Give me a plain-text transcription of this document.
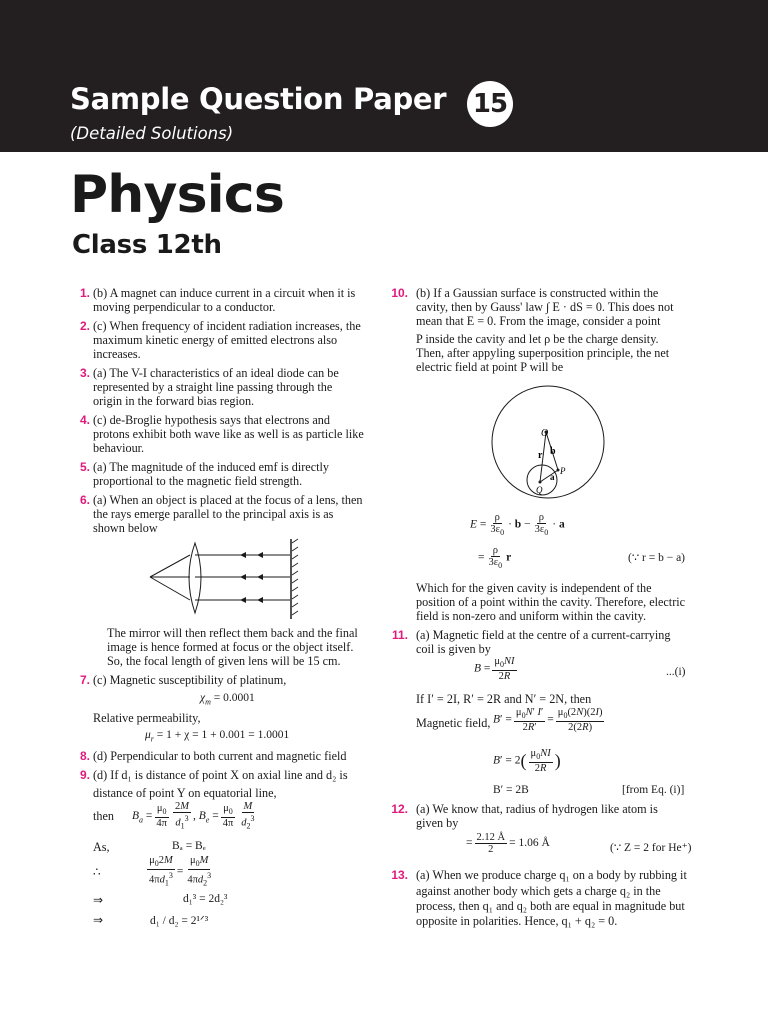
Sample Question Paper 15
(Detailed Solutions)
Physics
Class 12th
1. (b) A magnet can induce current in a circuit when it is
moving perpendicular to a conductor.
2. (c) When frequency of incident radiation increases, the
maximum kinetic energy of emitted electrons also
increases.
3. (a) The V-I characteristics of an ideal diode can be
represented by a straight line passing through the
origin in the forward bias region.
4. (c) de-Broglie hypothesis says that electrons and
protons exhibit both wave like as well is as particle like
behaviour.
5. (a) The magnitude of the induced emf is directly
proportional to the magnetic field strength.
6. (a) When an object is placed at the focus of a lens, then
the rays emerge parallel to the principal axis is as
shown below
The mirror will then reflect them back and the final
image is hence formed at focus or the object itself.
So, the focal length of given lens will be 15 cm.
7. (c) Magnetic susceptibility of platinum,
$\chi_m = 0.0001$
Relative permeability,
$\mu_r = 1 + \chi = 1 + 0.001 = 1.0001$
8. (d) Perpendicular to both current and magnetic field
9. (d) If d₁ is distance of point X on axial line and d₂ is
distance of point Y on equatorial line,
then $B_a = \frac{\mu_0}{4\pi} \frac{2M}{d_1^3}$ , $B_e = \frac{\mu_0}{4\pi} \frac{M}{d_2^3}$
As,	Bₐ = Bₑ
∴	$\frac{\mu_02M}{4\pi d_1^3} = \frac{\mu_0M}{4\pi d_2^3}$
⇒	d₁³ = 2d₂³
⇒	d₁ / d₂ = 2¹ᐟ³
10. (b) If a Gaussian surface is constructed within the
cavity, then by Gauss' law ∫ E · dS = 0. This does not
mean that E = 0. From the image, consider a point
P inside the cavity and let ρ be the charge density.
Then, after appyling superposition principle, the net
electric field at point P will be
O
b
r
P
a
Q
$E = \frac{\rho}{3\varepsilon_0} \cdot b - \frac{\rho}{3\varepsilon_0} \cdot a$
= $\frac{\rho}{3\varepsilon_0}$ r	(∵ r = b − a)
Which for the given cavity is independent of the
position of a point within the cavity. Therefore, electric
field is non-zero and uniform within the cavity.
11. (a) Magnetic field at the centre of a current-carrying
coil is given by
$B = \frac{\mu_0NI}{2R}$	...(i)
If I′ = 2I, R′ = 2R and N′ = 2N, then
Magnetic field, $B' = \frac{\mu_0N' I'}{2R'} = \frac{\mu_0(2N)(2I)}{2(2R)}$
$B' = 2( \frac{\mu_0NI}{2R}$ )
B′ = 2B	[from Eq. (i)]
12. (a) We know that, radius of hydrogen like atom is
given by
= $\frac{2.12 Å}{2} = 1.06$ Å	(∵ Z = 2 for He⁺)
13. (a) When we produce charge q₁ on a body by rubbing it
against another body which gets a charge q₂ in the
process, then q₁ and q₂ both are equal in magnitude but
opposite in polarities. Hence, q₁ + q₂ = 0.
